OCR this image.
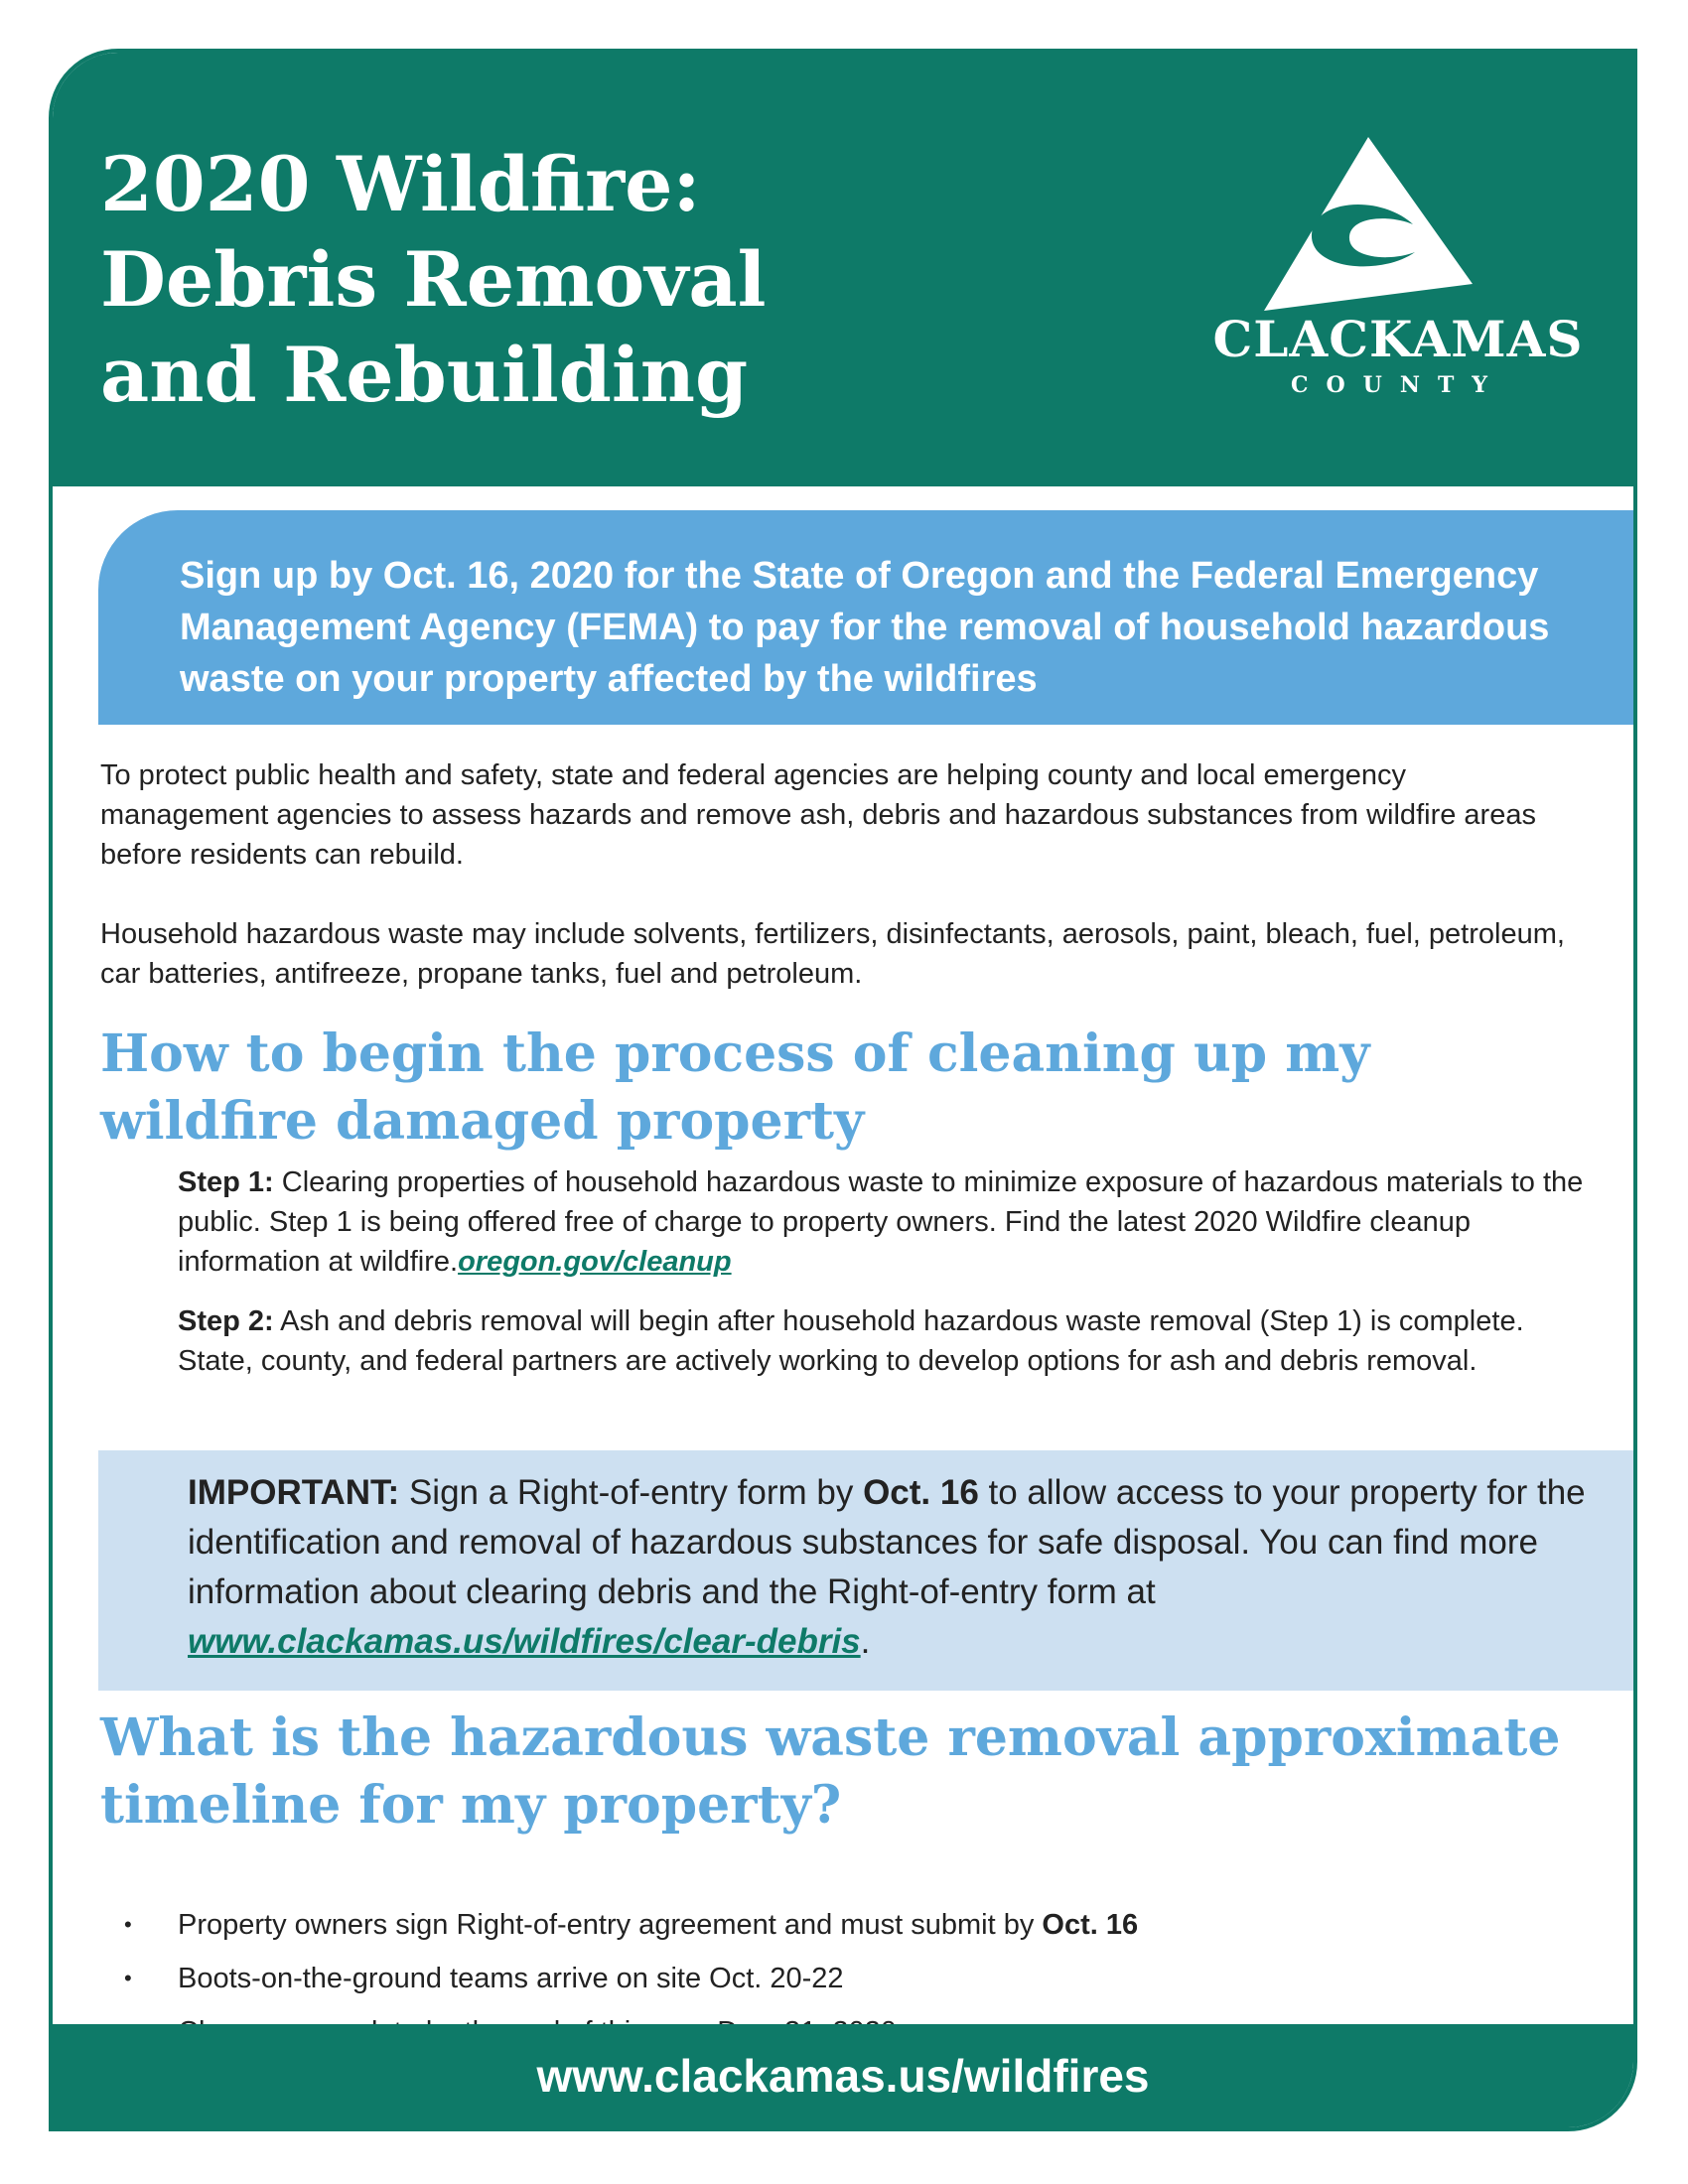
2020 Wildfire:
Debris Removal
and Rebuilding	CLACKAMAS
COUNTY

Sign up by Oct. 16, 2020 for the State of Oregon and the Federal Emergency Management Agency (FEMA) to pay for the removal of household hazardous waste on your property affected by the wildfires

To protect public health and safety, state and federal agencies are helping county and local emergency management agencies to assess hazards and remove ash, debris and hazardous substances from wildfire areas before residents can rebuild.

Household hazardous waste may include solvents, fertilizers, disinfectants, aerosols, paint, bleach, fuel, petroleum, car batteries, antifreeze, propane tanks, fuel and petroleum.

How to begin the process of cleaning up my wildfire damaged property

Step 1: Clearing properties of household hazardous waste to minimize exposure of hazardous materials to the public. Step 1 is being offered free of charge to property owners. Find the latest 2020 Wildfire cleanup information at wildfire.oregon.gov/cleanup

Step 2: Ash and debris removal will begin after household hazardous waste removal (Step 1) is complete. State, county, and federal partners are actively working to develop options for ash and debris removal.

IMPORTANT: Sign a Right-of-entry form by Oct. 16 to allow access to your property for the identification and removal of hazardous substances for safe disposal. You can find more information about clearing debris and the Right-of-entry form at www.clackamas.us/wildfires/clear-debris.

What is the hazardous waste removal approximate timeline for my property?
• Property owners sign Right-of-entry agreement and must submit by Oct. 16
• Boots-on-the-ground teams arrive on site Oct. 20-22
www.clackamas.us/wildfires
